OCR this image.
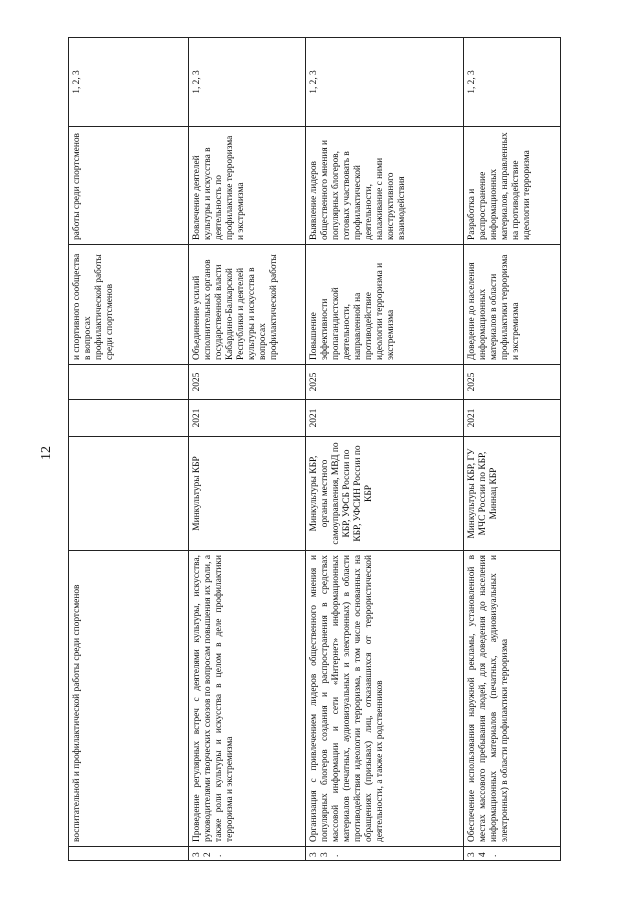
12
	воспитательной и профилактической работы среди спортсменов				и спортивного сообщества в вопросах профилактической работы среди спортсменов	работы среди спортсменов	1, 2, 3
32.	Проведение регулярных встреч с деятелями культуры, искусства, руководителями творческих союзов по вопросам повышения их роли, а также роли культуры и искусства в целом в деле профилактики терроризма и экстремизма	Минкультуры КБР	2021	2025	Объединение усилий исполнительных органов государственной власти Кабардино-Балкарской Республики и деятелей культуры и искусства в вопросах профилактической работы	Вовлечение деятелей культуры и искусства в деятельность по профилактике терроризма и экстремизма	1, 2, 3
33.	Организация с привлечением лидеров общественного мнения и популярных блогеров создания и распространения в средствах массовой информации и сети «Интернет» информационных материалов (печатных, аудиовизуальных и электронных) в области противодействия идеологии терроризма, в том числе основанных на обращениях (призывах) лиц, отказавшихся от террористической деятельности, а также их родственников	Минкультуры КБР, органы местного самоуправления, МВД по КБР, УФСБ России по КБР, УФСИН России по КБР	2021	2025	Повышение эффективности пропагандистской деятельности, направленной на противодействие идеологии терроризма и экстремизма	Выявление лидеров общественного мнения и популярных блогеров, готовых участвовать в профилактической деятельности, налаживание с ними конструктивного взаимодействия	1, 2, 3
34.	Обеспечение использования наружной рекламы, установленной в местах массового пребывания людей, для доведения до населения информационных материалов (печатных, аудиовизуальных и электронных) в области профилактики терроризма	Минкультуры КБР, ГУ МЧС России по КБР, Миннац КБР	2021	2025	Доведение до населения информационных материалов в области профилактики терроризма и экстремизма	Разработка и распространение информационных материалов, направленных на противодействие идеологии терроризма	1, 2, 3
